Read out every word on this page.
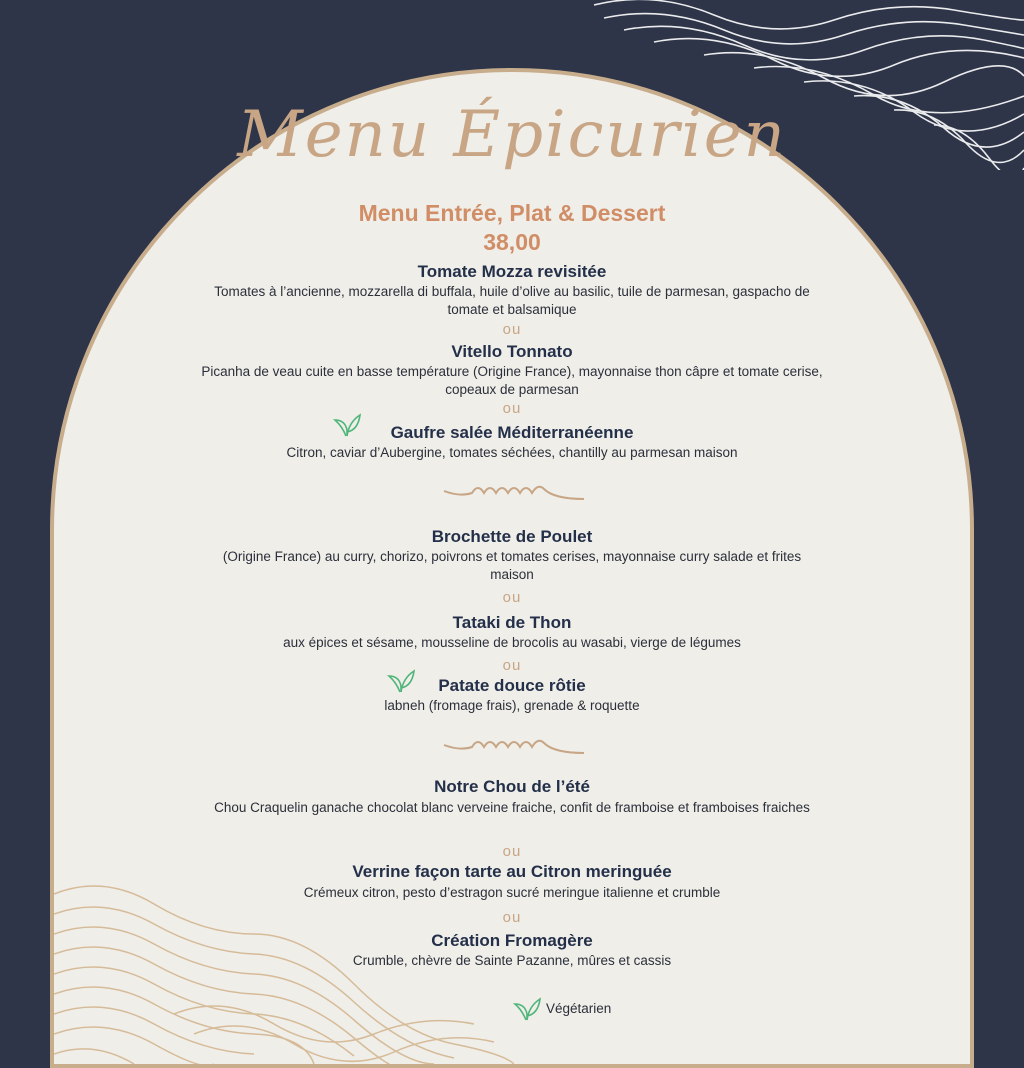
Menu Épicurien
Menu Entrée, Plat & Dessert
38,00
Tomate Mozza revisitée
Tomates à l’ancienne, mozzarella di buffala, huile d’olive au basilic, tuile de parmesan, gaspacho de tomate et balsamique
ou
Vitello Tonnato
Picanha de veau cuite en basse température (Origine France), mayonnaise thon câpre et tomate cerise, copeaux de parmesan
ou
Gaufre salée Méditerranéenne
Citron, caviar d’Aubergine, tomates séchées, chantilly au parmesan maison
Brochette de Poulet
(Origine France) au curry, chorizo, poivrons et tomates cerises, mayonnaise curry salade et frites maison
ou
Tataki de Thon
aux épices et sésame, mousseline de brocolis au wasabi, vierge de légumes
ou
Patate douce rôtie
labneh (fromage frais), grenade & roquette
Notre Chou de l’été
Chou Craquelin ganache chocolat blanc verveine fraiche, confit de framboise et framboises fraiches
ou
Verrine façon tarte au Citron meringuée
Crémeux citron, pesto d’estragon sucré meringue italienne et crumble
ou
Création Fromagère
Crumble, chèvre de Sainte Pazanne, mûres et cassis
Végétarien
